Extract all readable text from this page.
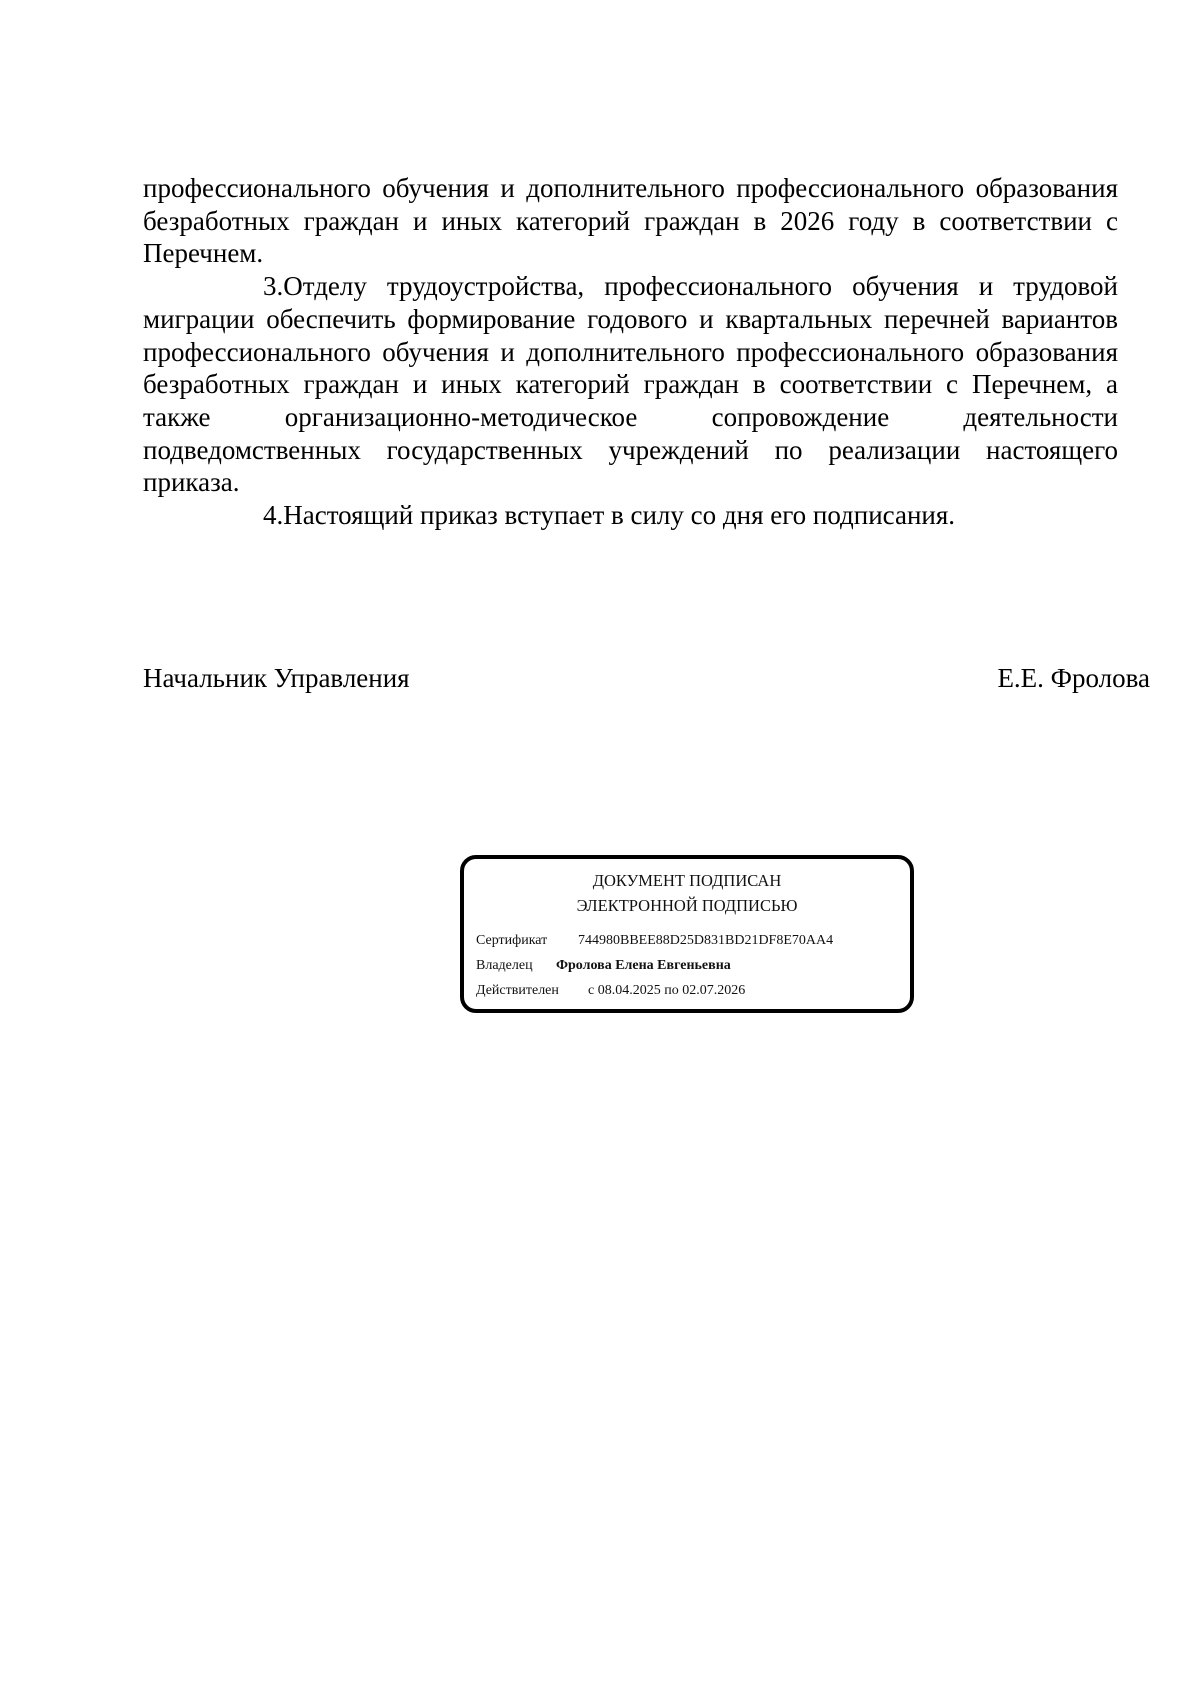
профессионального обучения и дополнительного профессионального образования безработных граждан и иных категорий граждан в 2026 году в соответствии с Перечнем.

3.Отделу трудоустройства, профессионального обучения и трудовой миграции обеспечить формирование годового и квартальных перечней вариантов профессионального обучения и дополнительного профессионального образования безработных граждан и иных категорий граждан в соответствии с Перечнем, а также организационно-методическое сопровождение деятельности подведомственных государственных учреждений по реализации настоящего приказа.

4.Настоящий приказ вступает в силу со дня его подписания.

Начальник Управления	Е.Е. Фролова
ДОКУМЕНТ ПОДПИСАН
ЭЛЕКТРОННОЙ ПОДПИСЬЮ
Сертификат 744980BBEE88D25D831BD21DF8E70AA4
Владелец Фролова Елена Евгеньевна
Действителен с 08.04.2025 по 02.07.2026
